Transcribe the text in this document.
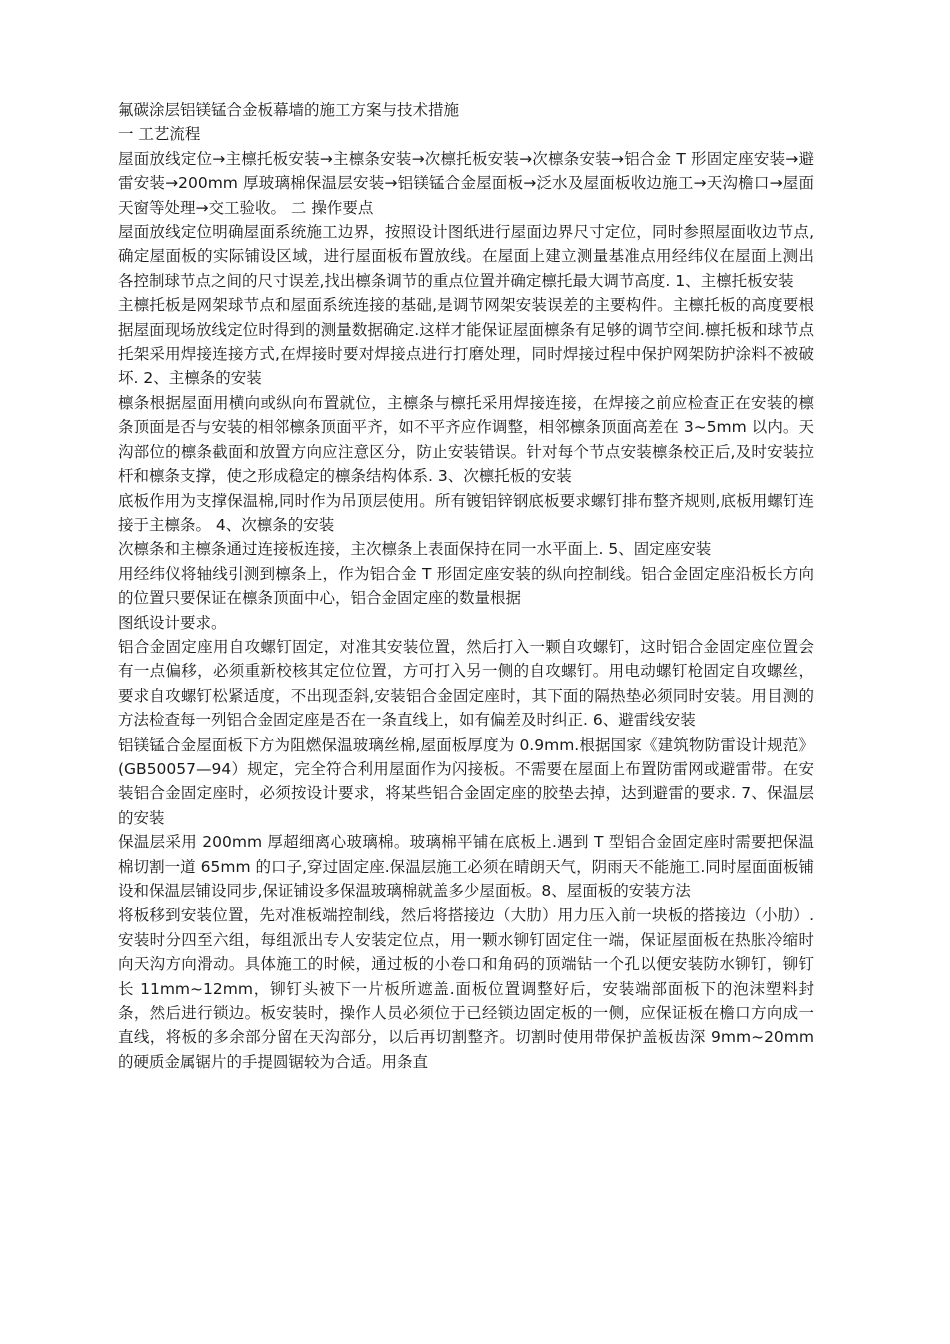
氟碳涂层铝镁锰合金板幕墙的施工方案与技术措施

一 工艺流程

屋面放线定位→主檩托板安装→主檩条安装→次檩托板安装→次檩条安装→铝合金 T 形固定座安装→避雷安装→200mm 厚玻璃棉保温层安装→铝镁锰合金屋面板→泛水及屋面板收边施工→天沟檐口→屋面天窗等处理→交工验收。 二 操作要点

屋面放线定位明确屋面系统施工边界，按照设计图纸进行屋面边界尺寸定位，同时参照屋面收边节点,确定屋面板的实际铺设区域，进行屋面板布置放线。在屋面上建立测量基准点用经纬仪在屋面上测出各控制球节点之间的尺寸误差,找出檩条调节的重点位置并确定檩托最大调节高度. 1、主檩托板安装

主檩托板是网架球节点和屋面系统连接的基础,是调节网架安装误差的主要构件。主檩托板的高度要根据屋面现场放线定位时得到的测量数据确定.这样才能保证屋面檩条有足够的调节空间.檩托板和球节点托架采用焊接连接方式,在焊接时要对焊接点进行打磨处理，同时焊接过程中保护网架防护涂料不被破坏. 2、主檩条的安装

檩条根据屋面用横向或纵向布置就位，主檩条与檩托采用焊接连接，在焊接之前应检查正在安装的檩条顶面是否与安装的相邻檩条顶面平齐，如不平齐应作调整，相邻檩条顶面高差在 3~5mm 以内。天沟部位的檩条截面和放置方向应注意区分，防止安装错误。针对每个节点安装檩条校正后,及时安装拉杆和檩条支撑，使之形成稳定的檩条结构体系. 3、次檩托板的安装

底板作用为支撑保温棉,同时作为吊顶层使用。所有镀铝锌钢底板要求螺钉排布整齐规则,底板用螺钉连接于主檩条。 4、次檩条的安装

次檩条和主檩条通过连接板连接，主次檩条上表面保持在同一水平面上. 5、固定座安装

用经纬仪将轴线引测到檩条上，作为铝合金 T 形固定座安装的纵向控制线。铝合金固定座沿板长方向的位置只要保证在檩条顶面中心，铝合金固定座的数量根据

图纸设计要求。

铝合金固定座用自攻螺钉固定，对准其安装位置，然后打入一颗自攻螺钉，这时铝合金固定座位置会有一点偏移，必须重新校核其定位位置，方可打入另一侧的自攻螺钉。用电动螺钉枪固定自攻螺丝，要求自攻螺钉松紧适度，不出现歪斜,安装铝合金固定座时，其下面的隔热垫必须同时安装。用目测的方法检查每一列铝合金固定座是否在一条直线上，如有偏差及时纠正. 6、避雷线安装

铝镁锰合金屋面板下方为阻燃保温玻璃丝棉,屋面板厚度为 0.9mm.根据国家《建筑物防雷设计规范》(GB50057—94）规定，完全符合利用屋面作为闪接板。不需要在屋面上布置防雷网或避雷带。在安装铝合金固定座时，必须按设计要求，将某些铝合金固定座的胶垫去掉，达到避雷的要求. 7、保温层的安装

保温层采用 200mm 厚超细离心玻璃棉。玻璃棉平铺在底板上.遇到 T 型铝合金固定座时需要把保温棉切割一道 65mm 的口子,穿过固定座.保温层施工必须在晴朗天气，阴雨天不能施工.同时屋面面板铺设和保温层铺设同步,保证铺设多保温玻璃棉就盖多少屋面板。8、屋面板的安装方法

将板移到安装位置，先对准板端控制线，然后将搭接边（大肋）用力压入前一块板的搭接边（小肋）.安装时分四至六组，每组派出专人安装定位点，用一颗水铆钉固定住一端，保证屋面板在热胀冷缩时向天沟方向滑动。具体施工的时候，通过板的小卷口和角码的顶端钻一个孔以便安装防水铆钉，铆钉长 11mm~12mm，铆钉头被下一片板所遮盖.面板位置调整好后，安装端部面板下的泡沫塑料封条，然后进行锁边。板安装时，操作人员必须位于已经锁边固定板的一侧，应保证板在檐口方向成一直线，将板的多余部分留在天沟部分，以后再切割整齐。切割时使用带保护盖板齿深 9mm~20mm 的硬质金属锯片的手提圆锯较为合适。用条直
